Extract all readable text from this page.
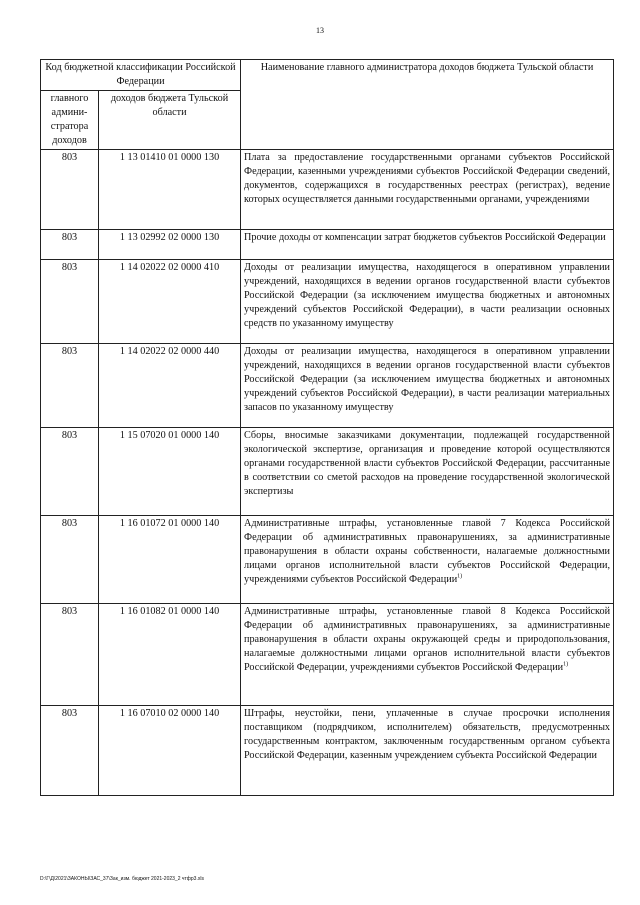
13
Код бюджетной классификации Российской Федерации		Наименование главного администратора доходов бюджета Тульской области
главного админи-стратора доходов	доходов бюджета Тульской области	
803	1 13 01410 01 0000 130	Плата за предоставление государственными органами субъектов Российской Федерации, казенными учреждениями субъектов Российской Федерации сведений, документов, содержащихся в государственных реестрах (регистрах), ведение которых осуществляется данными государственными органами, учреждениями
803	1 13 02992 02 0000 130	Прочие доходы от компенсации затрат бюджетов субъектов Российской Федерации
803	1 14 02022 02 0000 410	Доходы от реализации имущества, находящегося в оперативном управлении учреждений, находящихся в ведении органов государственной власти субъектов Российской Федерации (за исключением имущества бюджетных и автономных учреждений субъектов Российской Федерации), в части реализации основных средств по указанному имуществу
803	1 14 02022 02 0000 440	Доходы от реализации имущества, находящегося в оперативном управлении учреждений, находящихся в ведении органов государственной власти субъектов Российской Федерации (за исключением имущества бюджетных и автономных учреждений субъектов Российской Федерации), в части реализации материальных запасов по указанному имуществу
803	1 15 07020 01 0000 140	Сборы, вносимые заказчиками документации, подлежащей государственной экологической экспертизе, организация и проведение которой осуществляются органами государственной власти субъектов Российской Федерации, рассчитанные в соответствии со сметой расходов на проведение государственной экологической экспертизы
803	1 16 01072 01 0000 140	Административные штрафы, установленные главой 7 Кодекса Российской Федерации об административных правонарушениях, за административные правонарушения в области охраны собственности, налагаемые должностными лицами органов исполнительной власти субъектов Российской Федерации, учреждениями субъектов Российской Федерации$^{1)}$
803	1 16 01082 01 0000 140	Административные штрафы, установленные главой 8 Кодекса Российской Федерации об административных правонарушениях, за административные правонарушения в области охраны окружающей среды и природопользования, налагаемые должностными лицами органов исполнительной власти субъектов Российской Федерации, учреждениями субъектов Российской Федерации$^{1)}$
803	1 16 07010 02 0000 140	Штрафы, неустойки, пени, уплаченные в случае просрочки исполнения поставщиком (подрядчиком, исполнителем) обязательств, предусмотренных государственным контрактом, заключенным государственным органом субъекта Российской Федерации, казенным учреждением субъекта Российской Федерации
D:\Г\Д\2021\ЗАКОНЫ\ЗАС_37\Зак_изм. бюджет 2021-2023_2 чтфр3.xls
